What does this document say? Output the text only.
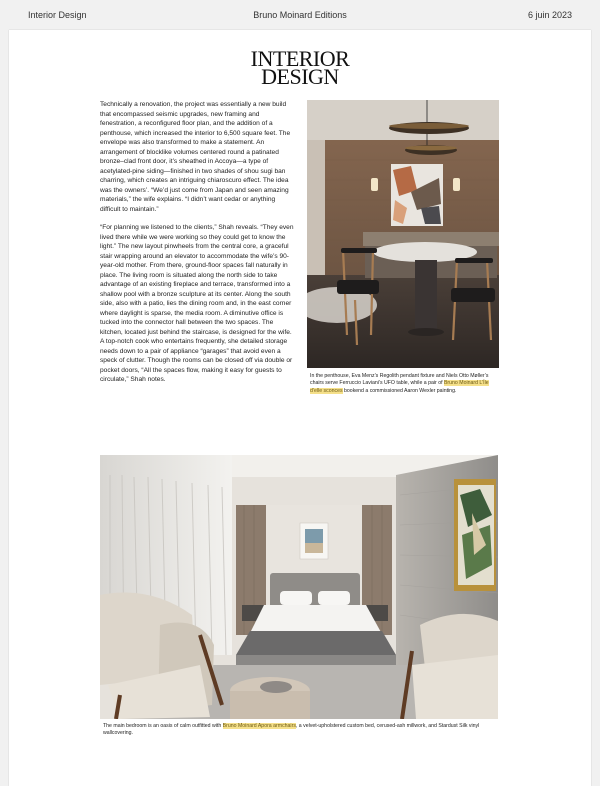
Interior Design	Bruno Moinard Editions	6 juin 2023
INTERIOR
DESIGN

Technically a renovation, the project was essentially a new build that encompassed seismic upgrades, new framing and fenestration, a reconfigured floor plan, and the addition of a penthouse, which increased the interior to 6,500 square feet. The envelope was also transformed to make a statement. An arrangement of blocklike volumes centered round a patinated bronze–clad front door, it’s sheathed in Accoya—a type of acetylated-pine siding—finished in two shades of shou sugi ban charring, which creates an intriguing chiaroscuro effect. The idea was the owners’. “We’d just come from Japan and seen amazing materials,” the wife explains. “I didn’t want cedar or anything difficult to maintain.”

“For planning we listened to the clients,” Shah reveals. “They even lived there while we were working so they could get to know the light.” The new layout pinwheels from the central core, a graceful stair wrapping around an elevator to accommodate the wife’s 90-year-old mother. From there, ground-floor spaces fall naturally in place. The living room is situated along the north side to take advantage of an existing fireplace and terrace, transformed into a shallow pool with a bronze sculpture at its center. Along the south side, also with a patio, lies the dining room and, in the east corner where daylight is sparse, the media room. A diminutive office is tucked into the connector hall between the two spaces. The kitchen, located just behind the staircase, is designed for the wife. A top-notch cook who entertains frequently, she detailed storage needs down to a pair of appliance “garages” that avoid even a speck of clutter. Though the rooms can be closed off via double or pocket doors, “All the spaces flow, making it easy for guests to circulate,” Shah notes.	In the penthouse, Eva Menz’s Regolith pendant fixture and Niels Otto Møller’s chairs serve Ferruccio Laviani’s UFO table, while a pair of Bruno Moinard L’Île d’elle sconces bookend a commissioned Aaron Wexler painting.
The main bedroom is an oasis of calm outfitted with Bruno Moinard Apora armchairs, a velvet-upholstered custom bed, cerused-ash millwork, and Stardust Silk vinyl wallcovering.
